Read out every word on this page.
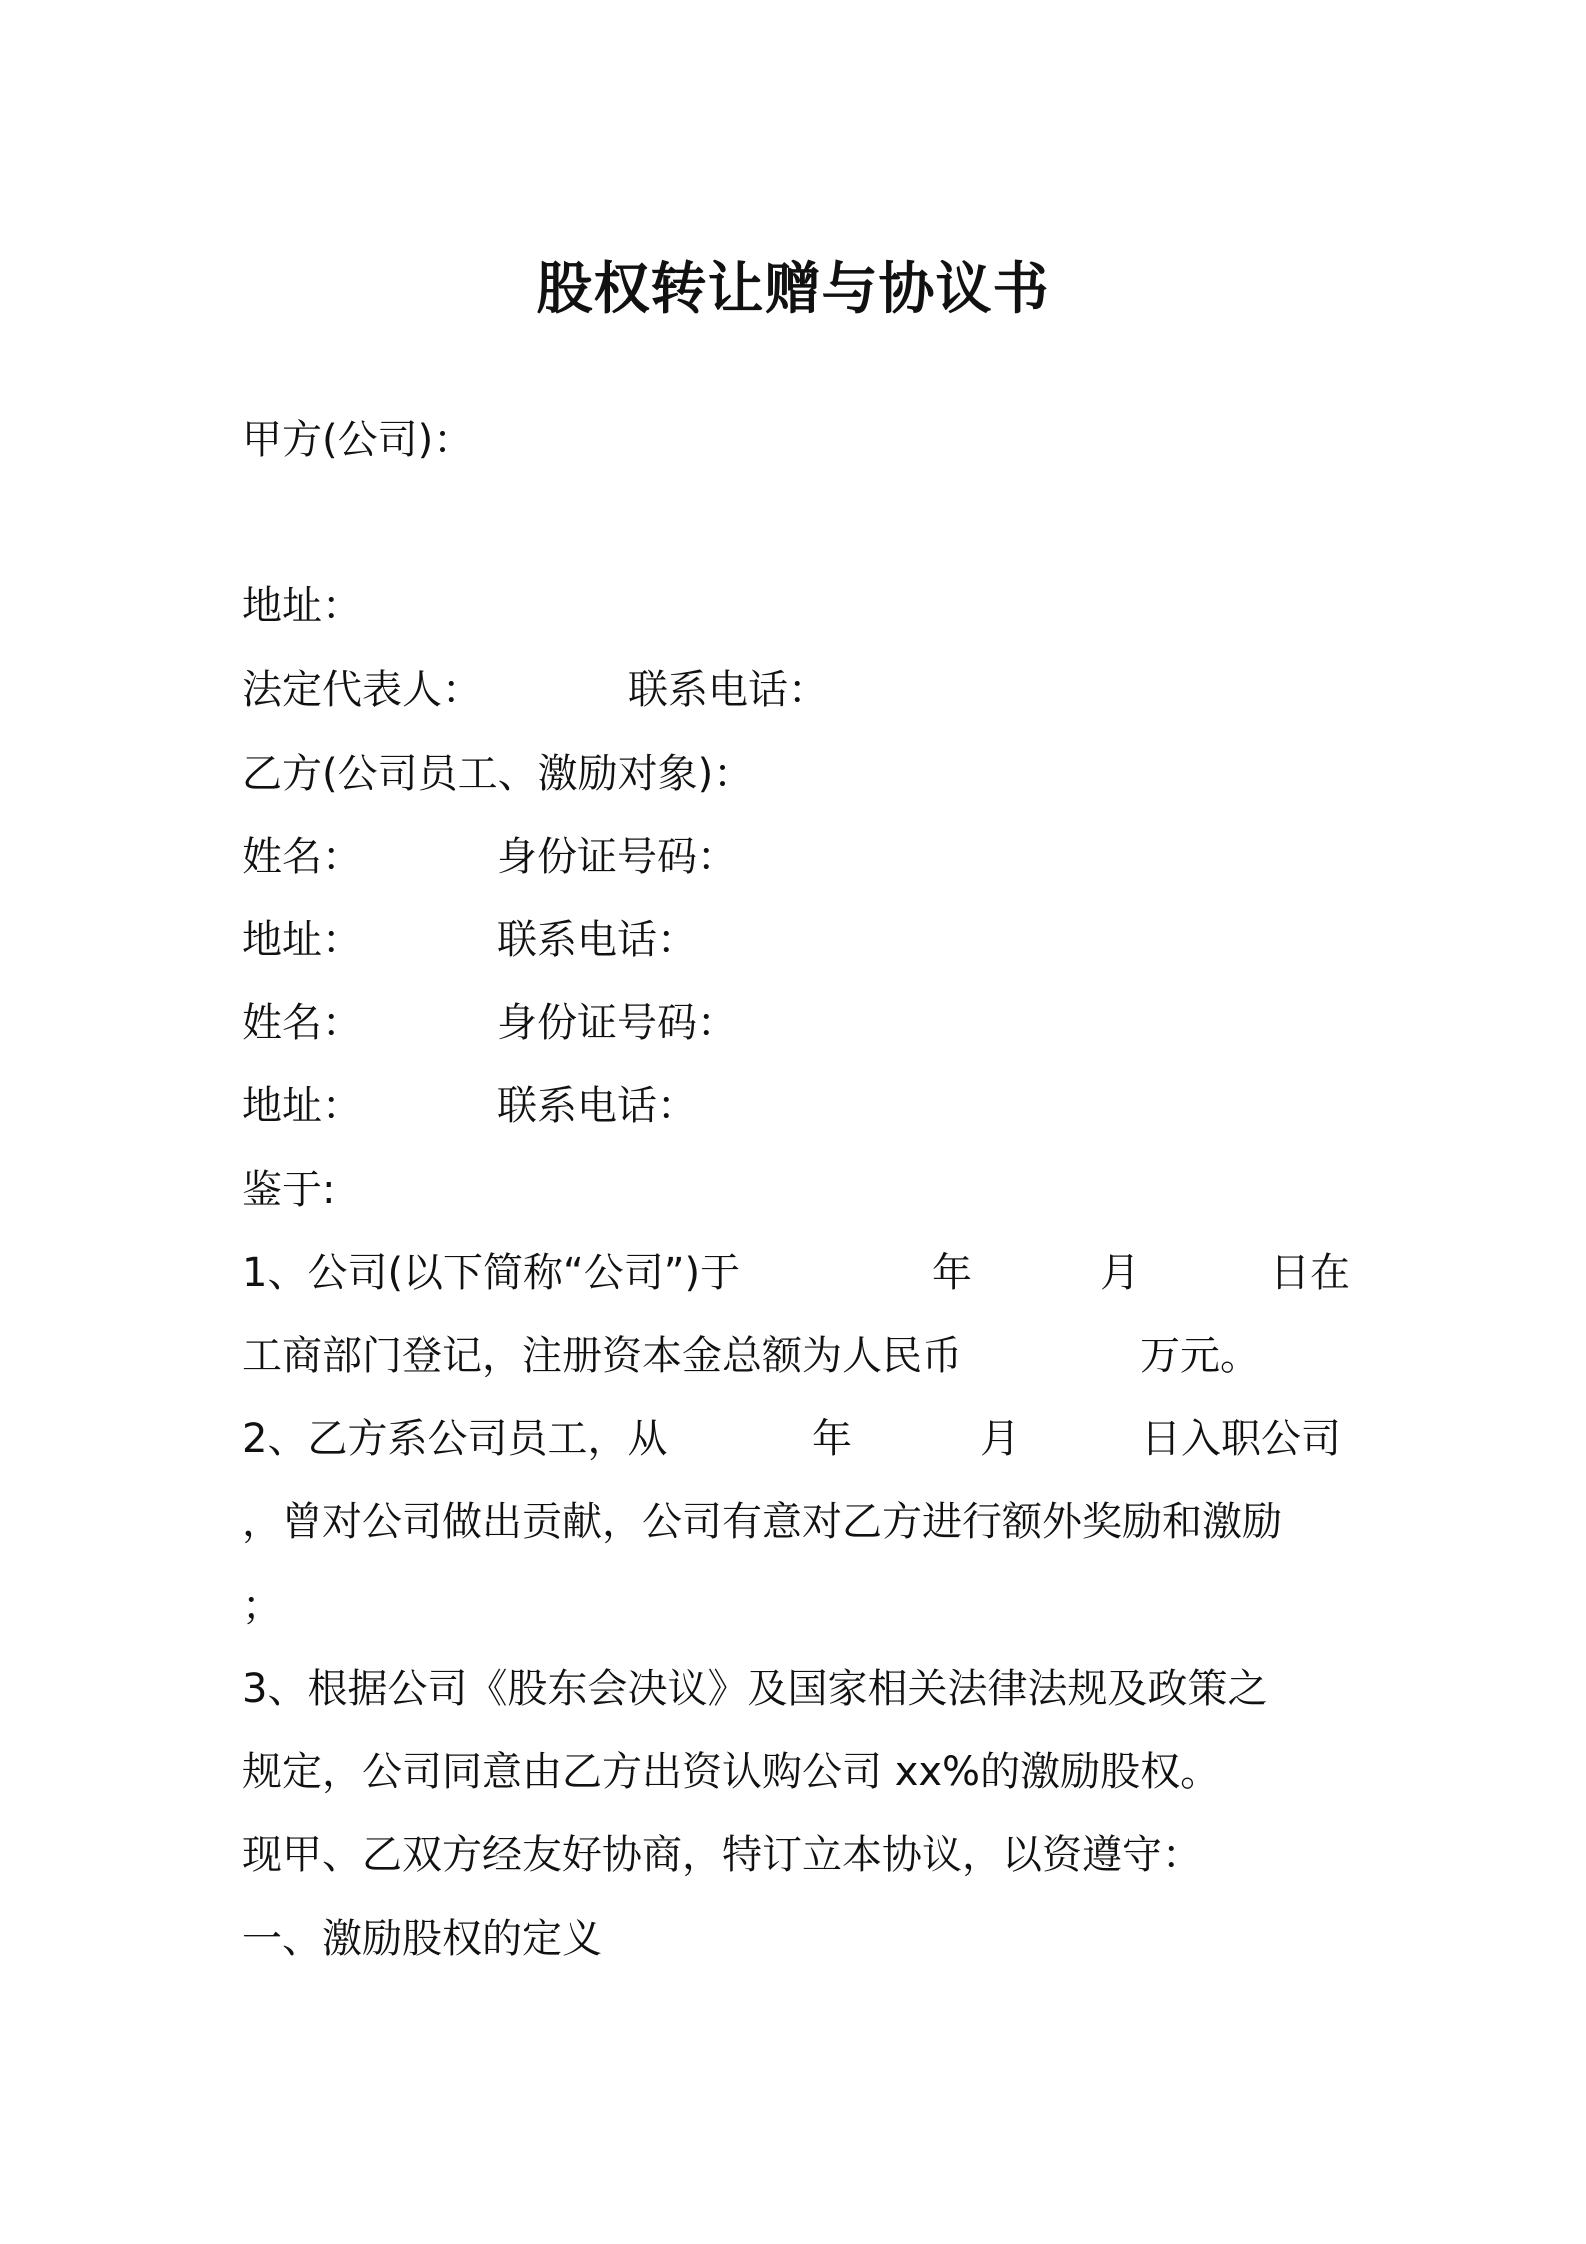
股权转让赠与协议书
甲方(公司)：
地址：
法定代表人：	联系电话：
乙方(公司员工、激励对象)：
姓名：	身份证号码：
地址：	联系电话：
姓名：	身份证号码：
地址：	联系电话：
鉴于:
1、公司(以下简称“公司”)于	年	月	日在
工商部门登记，注册资本金总额为人民币	万元。
2、乙方系公司员工，从	年	月	日入职公司
，曾对公司做出贡献，公司有意对乙方进行额外奖励和激励
；
3、根据公司《股东会决议》及国家相关法律法规及政策之
规定，公司同意由乙方出资认购公司 xx%的激励股权。
现甲、乙双方经友好协商，特订立本协议，以资遵守：
一、激励股权的定义
